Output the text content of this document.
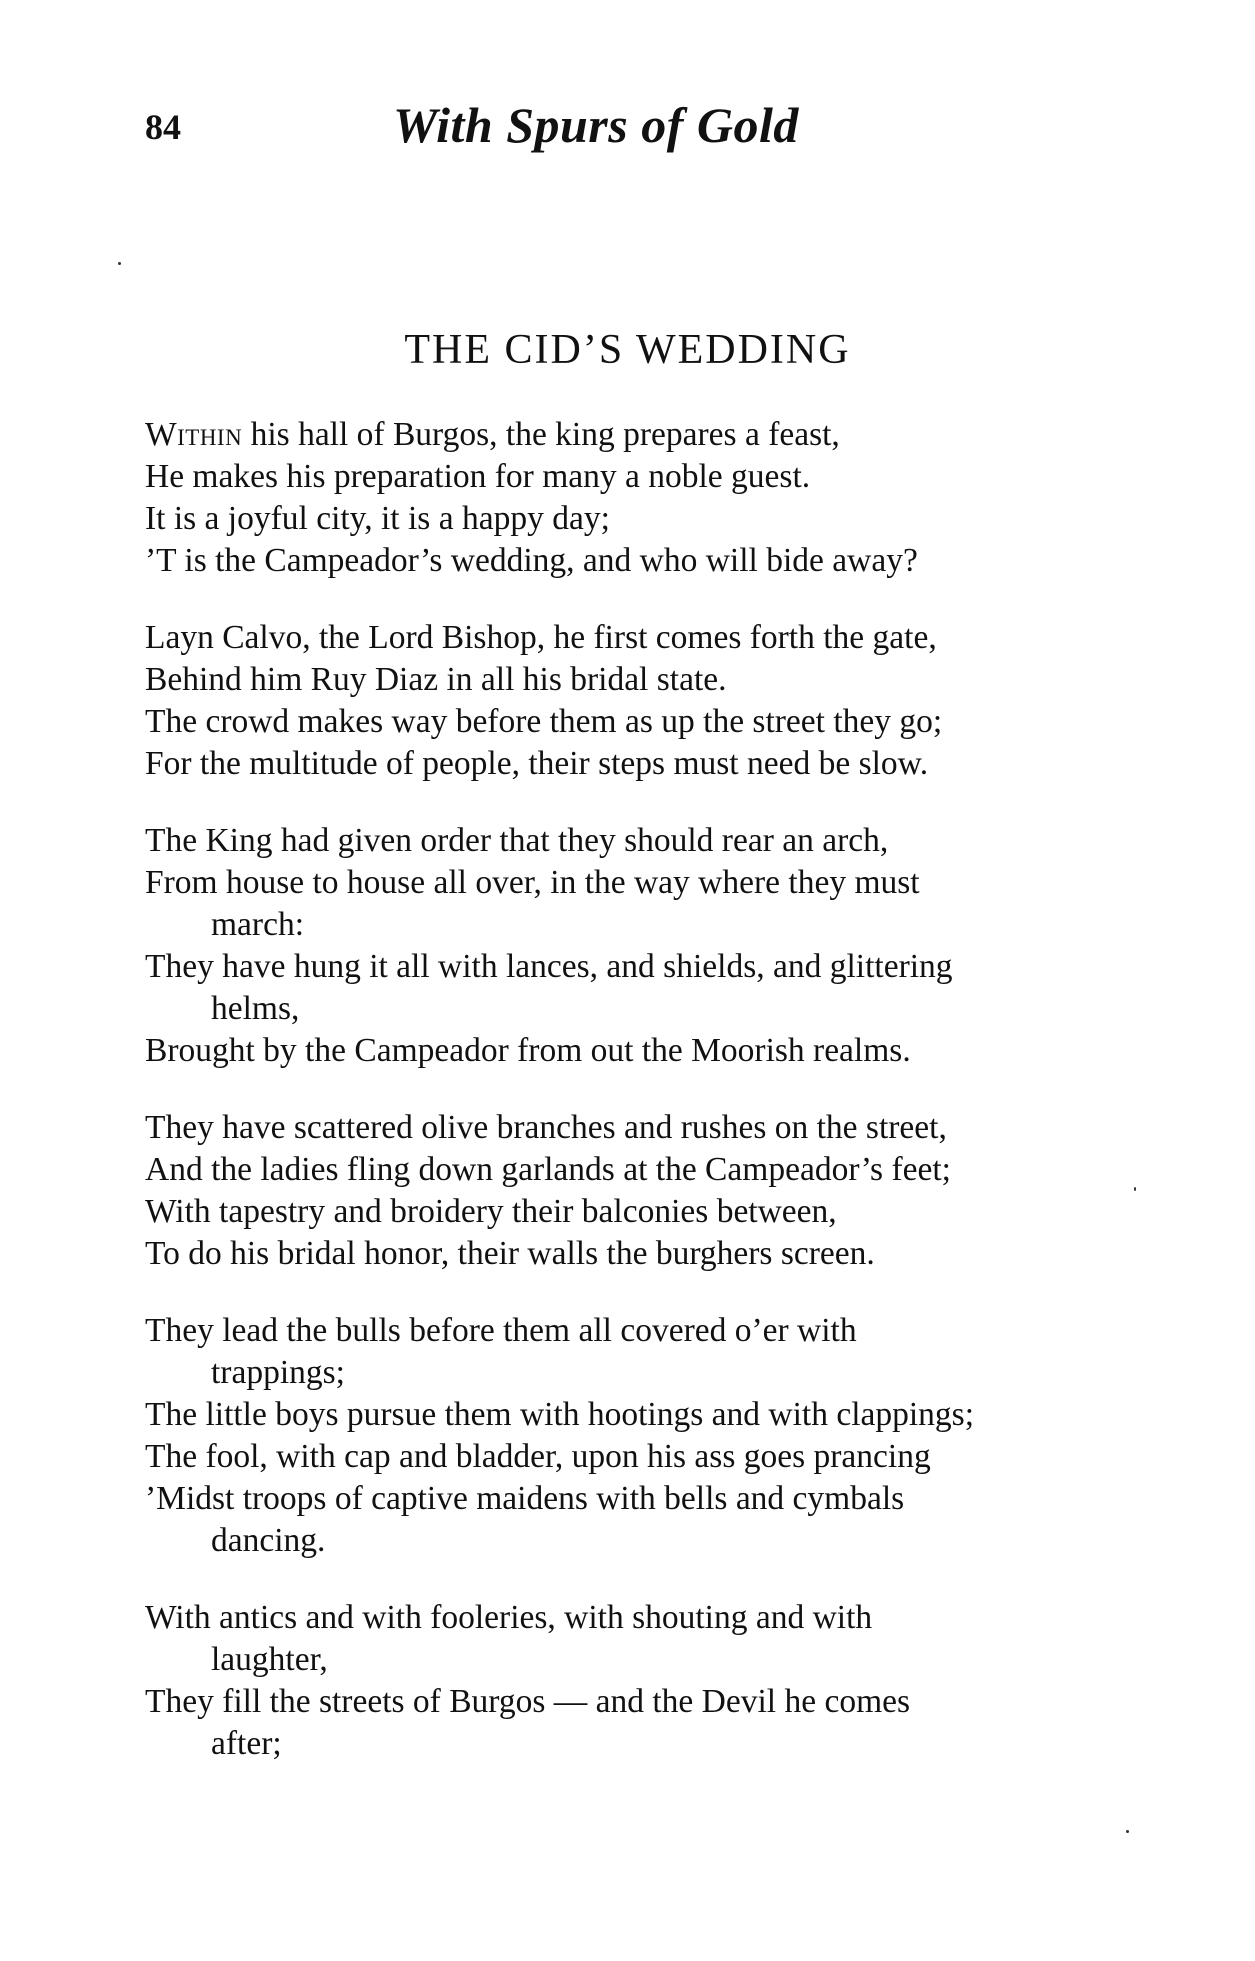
84	With Spurs of Gold
THE CID’S WEDDING
Within his hall of Burgos, the king prepares a feast,
He makes his preparation for many a noble guest.
It is a joyful city, it is a happy day;
’T is the Campeador’s wedding, and who will bide away?
Layn Calvo, the Lord Bishop, he first comes forth the gate,
Behind him Ruy Diaz in all his bridal state.
The crowd makes way before them as up the street they go;
For the multitude of people, their steps must need be slow.
The King had given order that they should rear an arch,
From house to house all over, in the way where they must
march:
They have hung it all with lances, and shields, and glittering
helms,
Brought by the Campeador from out the Moorish realms.
They have scattered olive branches and rushes on the street,
And the ladies fling down garlands at the Campeador’s feet;
With tapestry and broidery their balconies between,
To do his bridal honor, their walls the burghers screen.
They lead the bulls before them all covered o’er with
trappings;
The little boys pursue them with hootings and with clappings;
The fool, with cap and bladder, upon his ass goes prancing
’Midst troops of captive maidens with bells and cymbals
dancing.
With antics and with fooleries, with shouting and with
laughter,
They fill the streets of Burgos — and the Devil he comes
after;
